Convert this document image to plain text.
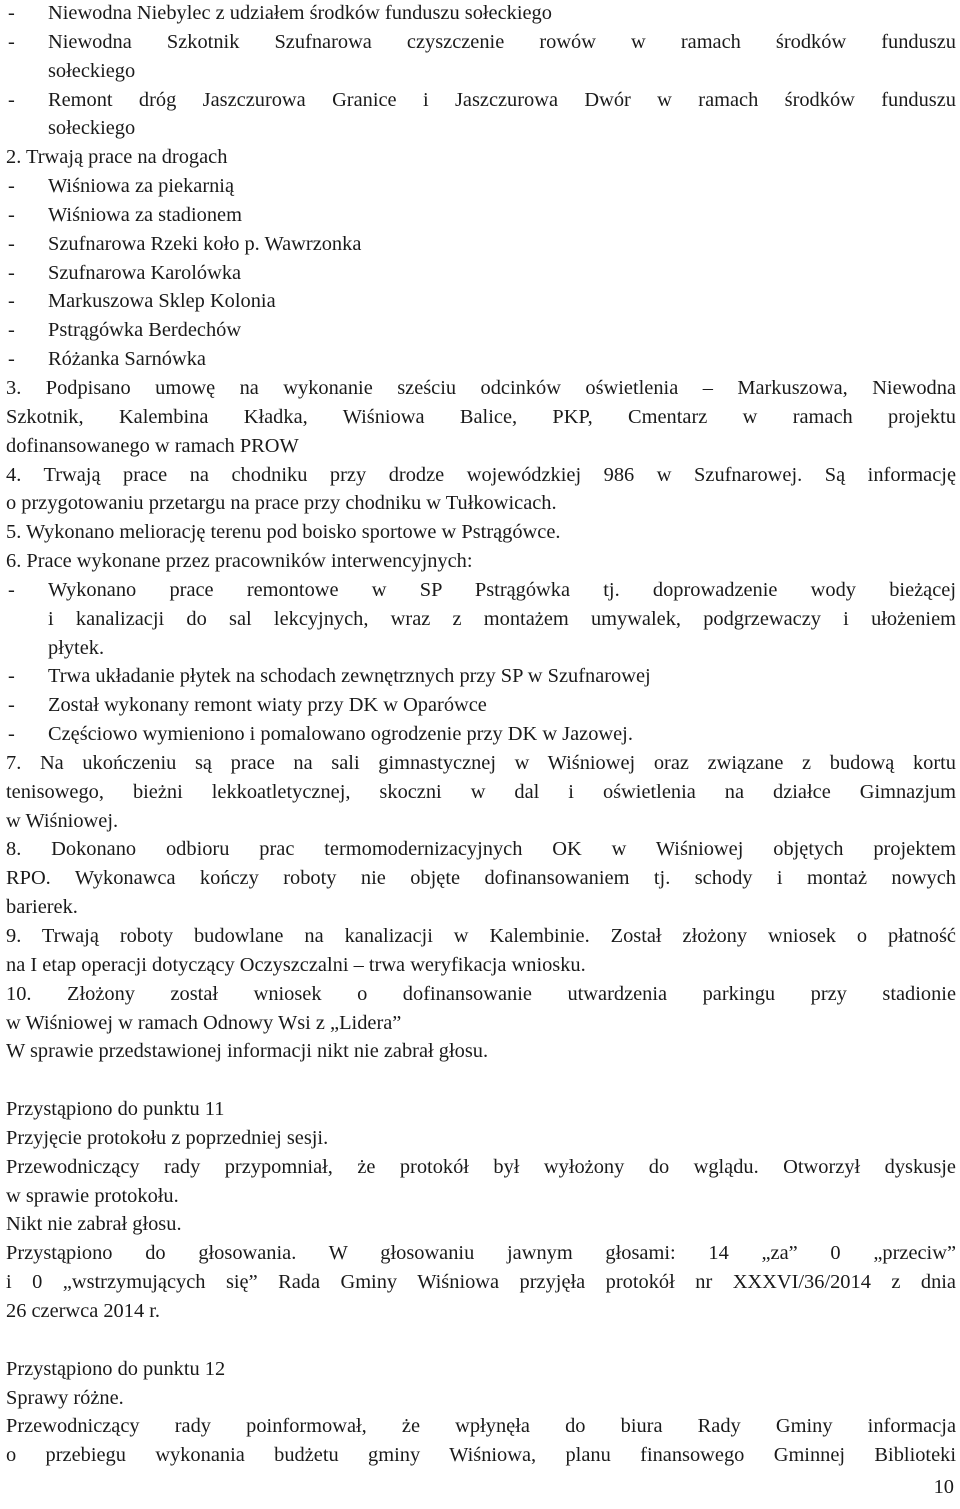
- Niewodna Niebylec z udziałem środków funduszu sołeckiego

- Niewodna Szkotnik Szufnarowa czyszczenie rowów w ramach środków funduszu

sołeckiego

- Remont dróg Jaszczurowa Granice i Jaszczurowa Dwór w ramach środków funduszu

sołeckiego

2. Trwają prace na drogach

- Wiśniowa za piekarnią

- Wiśniowa za stadionem

- Szufnarowa Rzeki koło p. Wawrzonka

- Szufnarowa Karolówka

- Markuszowa Sklep Kolonia

- Pstrągówka Berdechów

- Różanka Sarnówka

3. Podpisano umowę na wykonanie sześciu odcinków oświetlenia – Markuszowa, Niewodna

Szkotnik, Kalembina Kładka, Wiśniowa Balice, PKP, Cmentarz w ramach projektu

dofinansowanego w ramach PROW

4. Trwają prace na chodniku przy drodze wojewódzkiej 986 w Szufnarowej. Są informację

o przygotowaniu przetargu na prace przy chodniku w Tułkowicach.

5. Wykonano meliorację terenu pod boisko sportowe w Pstrągówce.

6. Prace wykonane przez pracowników interwencyjnych:

- Wykonano prace remontowe w SP Pstrągówka tj. doprowadzenie wody bieżącej

i kanalizacji do sal lekcyjnych, wraz z montażem umywalek, podgrzewaczy i ułożeniem

płytek.

- Trwa układanie płytek na schodach zewnętrznych przy SP w Szufnarowej

- Został wykonany remont wiaty przy DK w Oparówce

- Częściowo wymieniono i pomalowano ogrodzenie przy DK w Jazowej.

7. Na ukończeniu są prace na sali gimnastycznej w Wiśniowej oraz związane z budową kortu

tenisowego, bieżni lekkoatletycznej, skoczni w dal i oświetlenia na działce Gimnazjum

w Wiśniowej.

8. Dokonano odbioru prac termomodernizacyjnych OK w Wiśniowej objętych projektem

RPO. Wykonawca kończy roboty nie objęte dofinansowaniem tj. schody i montaż nowych

barierek.

9. Trwają roboty budowlane na kanalizacji w Kalembinie. Został złożony wniosek o płatność

na I etap operacji dotyczący Oczyszczalni – trwa weryfikacja wniosku.

10. Złożony został wniosek o dofinansowanie utwardzenia parkingu przy stadionie

w Wiśniowej w ramach Odnowy Wsi z „Lidera”

W sprawie przedstawionej informacji nikt nie zabrał głosu.

Przystąpiono do punktu 11

Przyjęcie protokołu z poprzedniej sesji.

Przewodniczący rady przypomniał, że protokół był wyłożony do wglądu. Otworzył dyskusje

w sprawie protokołu.

Nikt nie zabrał głosu.

Przystąpiono do głosowania. W głosowaniu jawnym głosami: 14 „za” 0 „przeciw”

i 0 „wstrzymujących się” Rada Gminy Wiśniowa przyjęła protokół nr XXXVI/36/2014 z dnia

26 czerwca 2014 r.

Przystąpiono do punktu 12

Sprawy różne.

Przewodniczący rady poinformował, że wpłynęła do biura Rady Gminy informacja

o przebiegu wykonania budżetu gminy Wiśniowa, planu finansowego Gminnej Biblioteki

10
